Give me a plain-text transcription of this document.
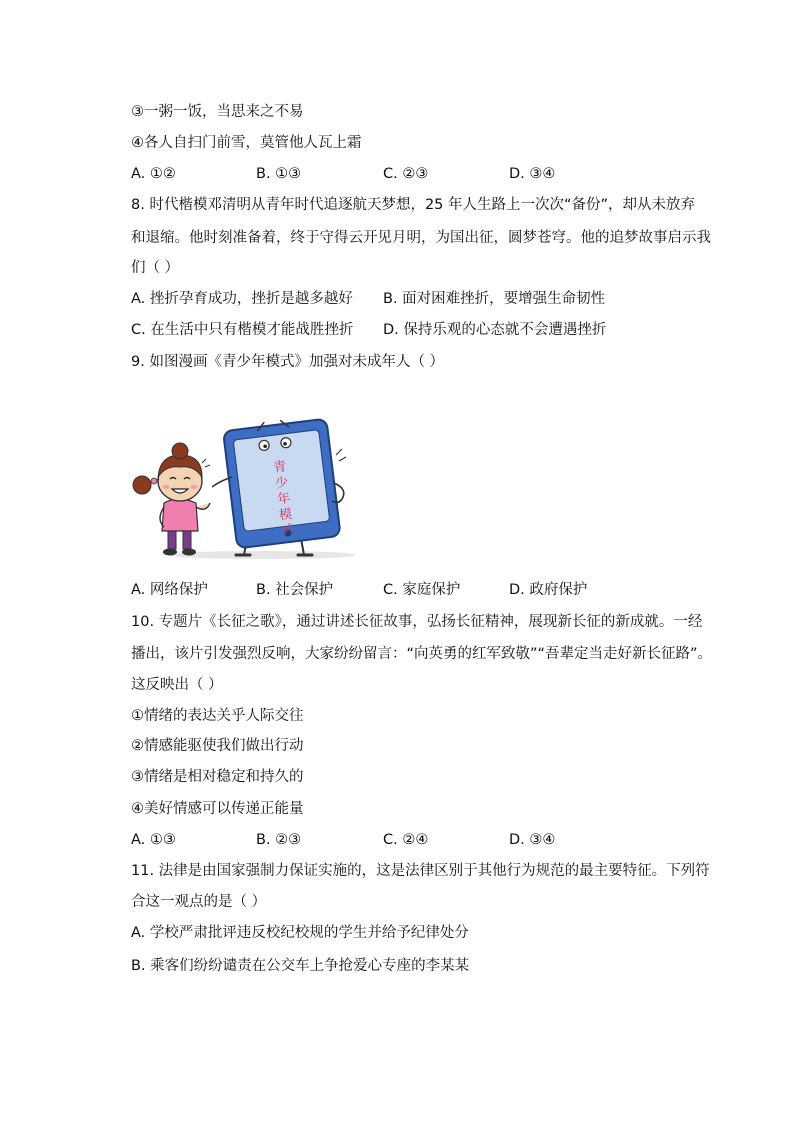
③一粥一饭，当思来之不易
④各人自扫门前雪，莫管他人瓦上霜
A. ①②	B. ①③	C. ②③	D. ③④
8. 时代楷模邓清明从青年时代追逐航天梦想，25 年人生路上一次次“备份”，却从未放弃
和退缩。他时刻准备着，终于守得云开见月明，为国出征，圆梦苍穹。他的追梦故事启示我
们（ ）
A. 挫折孕育成功，挫折是越多越好 B. 面对困难挫折，要增强生命韧性
C. 在生活中只有楷模才能战胜挫折 D. 保持乐观的心态就不会遭遇挫折
9. 如图漫画《青少年模式》加强对未成年人（ ）
青
少
年
模
式
A. 网络保护	B. 社会保护	C. 家庭保护	D. 政府保护
10. 专题片《长征之歌》，通过讲述长征故事，弘扬长征精神，展现新长征的新成就。一经
播出，该片引发强烈反响，大家纷纷留言：“向英勇的红军致敬”“吾辈定当走好新长征路”。
这反映出（ ）
①情绪的表达关乎人际交往
②情感能驱使我们做出行动
③情绪是相对稳定和持久的
④美好情感可以传递正能量
A. ①③	B. ②③	C. ②④	D. ③④
11. 法律是由国家强制力保证实施的，这是法律区别于其他行为规范的最主要特征。下列符
合这一观点的是（ ）
A. 学校严肃批评违反校纪校规的学生并给予纪律处分
B. 乘客们纷纷谴责在公交车上争抢爱心专座的李某某
